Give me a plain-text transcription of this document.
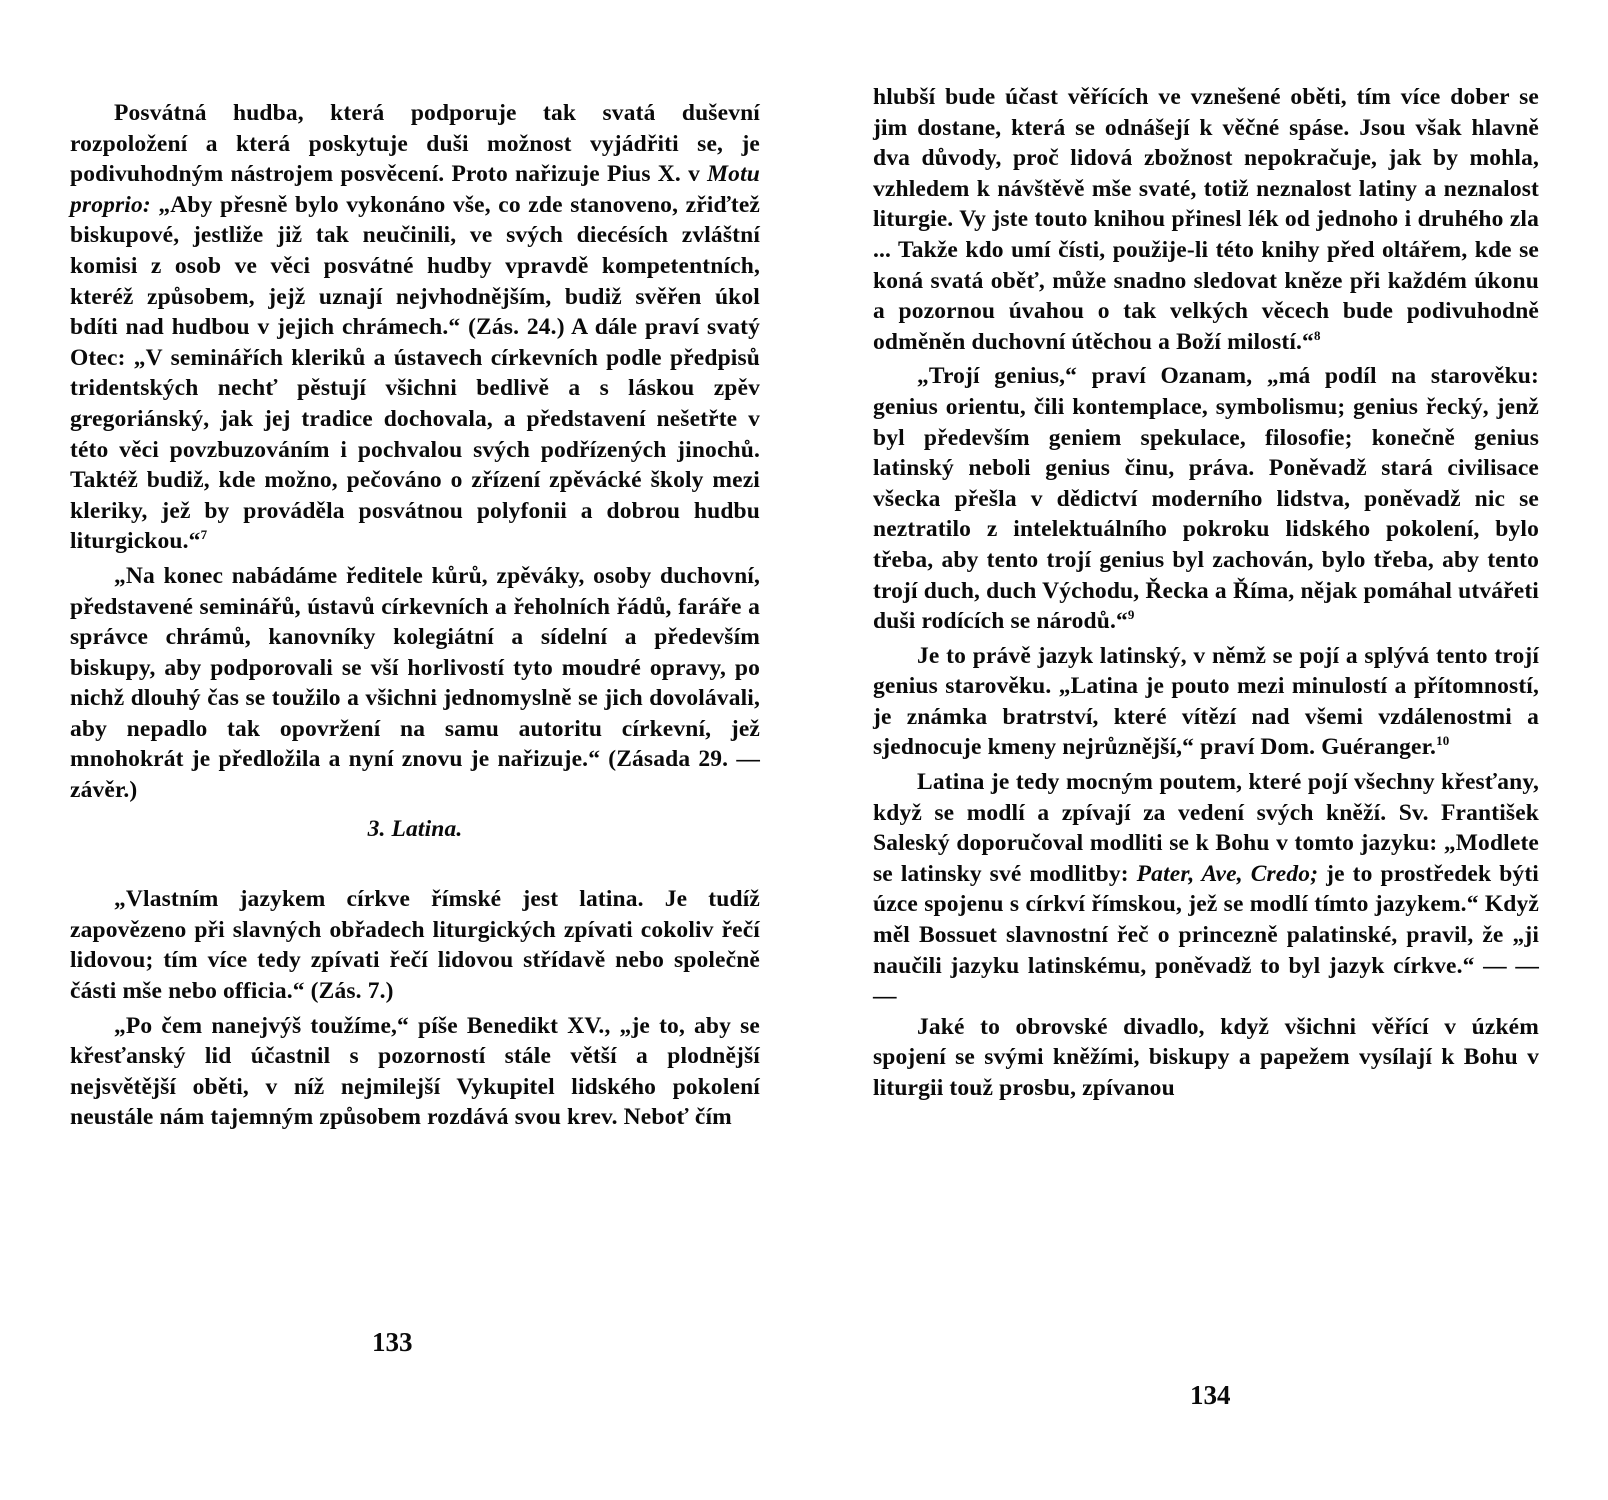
Posvátná hudba, která podporuje tak svatá duševní rozpoložení a která poskytuje duši možnost vyjádřiti se, je podivuhodným nástrojem posvěcení. Proto nařizuje Pius X. v Motu proprio: „Aby přesně bylo vykonáno vše, co zde stanoveno, zřiďtež biskupové, jestliže již tak neučinili, ve svých diecésích zvláštní komisi z osob ve věci posvátné hudby vpravdě kompetentních, kteréž způsobem, jejž uznají nejvhodnějším, budiž svěřen úkol bdíti nad hudbou v jejich chrámech.“ (Zás. 24.) A dále praví svatý Otec: „V seminářích kleriků a ústavech církevních podle předpisů tridentských nechť pěstují všichni bedlivě a s láskou zpěv gregoriánský, jak jej tradice dochovala, a představení nešetřte v této věci povzbuzováním i pochvalou svých podřízených jinochů. Taktéž budiž, kde možno, pečováno o zřízení zpěvácké školy mezi kleriky, jež by prováděla posvátnou polyfonii a dobrou hudbu liturgickou.“$^7$

„Na konec nabádáme ředitele kůrů, zpěváky, osoby duchovní, představené seminářů, ústavů církevních a řeholních řádů, faráře a správce chrámů, kanovníky kolegiátní a sídelní a především biskupy, aby podporovali se vší horlivostí tyto moudré opravy, po nichž dlouhý čas se toužilo a všichni jednomyslně se jich dovolávali, aby nepadlo tak opovržení na samu autoritu církevní, jež mnohokrát je předložila a nyní znovu je nařizuje.“ (Zásada 29. — závěr.)

3. Latina.

„Vlastním jazykem církve římské jest latina. Je tudíž zapovězeno při slavných obřadech liturgických zpívati cokoliv řečí lidovou; tím více tedy zpívati řečí lidovou střídavě nebo společně části mše nebo officia.“ (Zás. 7.)

„Po čem nanejvýš toužíme,“ píše Benedikt XV., „je to, aby se křesťanský lid účastnil s pozorností stále větší a plodnější nejsvětější oběti, v níž nejmilejší Vykupitel lidského pokolení neustále nám tajemným způsobem rozdává svou krev. Neboť čím

133

hlubší bude účast věřících ve vznešené oběti, tím více dober se jim dostane, která se odnášejí k věčné spáse. Jsou však hlavně dva důvody, proč lidová zbožnost nepokračuje, jak by mohla, vzhledem k návštěvě mše svaté, totiž neznalost latiny a neznalost liturgie. Vy jste touto knihou přinesl lék od jednoho i druhého zla ... Takže kdo umí čísti, použije-li této knihy před oltářem, kde se koná svatá oběť, může snadno sledovat kněze při každém úkonu a pozornou úvahou o tak velkých věcech bude podivuhodně odměněn duchovní útěchou a Boží milostí.“$^8$

„Trojí genius,“ praví Ozanam, „má podíl na starověku: genius orientu, čili kontemplace, symbolismu; genius řecký, jenž byl především geniem spekulace, filosofie; konečně genius latinský neboli genius činu, práva. Poněvadž stará civilisace všecka přešla v dědictví moderního lidstva, poněvadž nic se neztratilo z intelektuálního pokroku lidského pokolení, bylo třeba, aby tento trojí genius byl zachován, bylo třeba, aby tento trojí duch, duch Východu, Řecka a Říma, nějak pomáhal utvářeti duši rodících se národů.“$^9$

Je to právě jazyk latinský, v němž se pojí a splývá tento trojí genius starověku. „Latina je pouto mezi minulostí a přítomností, je známka bratrství, které vítězí nad všemi vzdálenostmi a sjednocuje kmeny nejrůznější,“ praví Dom. Guéranger.$^{10}$

Latina je tedy mocným poutem, které pojí všechny křesťany, když se modlí a zpívají za vedení svých kněží. Sv. František Saleský doporučoval modliti se k Bohu v tomto jazyku: „Modlete se latinsky své modlitby: Pater, Ave, Credo; je to prostředek býti úzce spojenu s církví římskou, jež se modlí tímto jazykem.“ Když měl Bossuet slavnostní řeč o princezně palatinské, pravil, že „ji naučili jazyku latinskému, poněvadž to byl jazyk církve.“ — — —

Jaké to obrovské divadlo, když všichni věřící v úzkém spojení se svými kněžími, biskupy a papežem vysílají k Bohu v liturgii touž prosbu, zpívanou

134
